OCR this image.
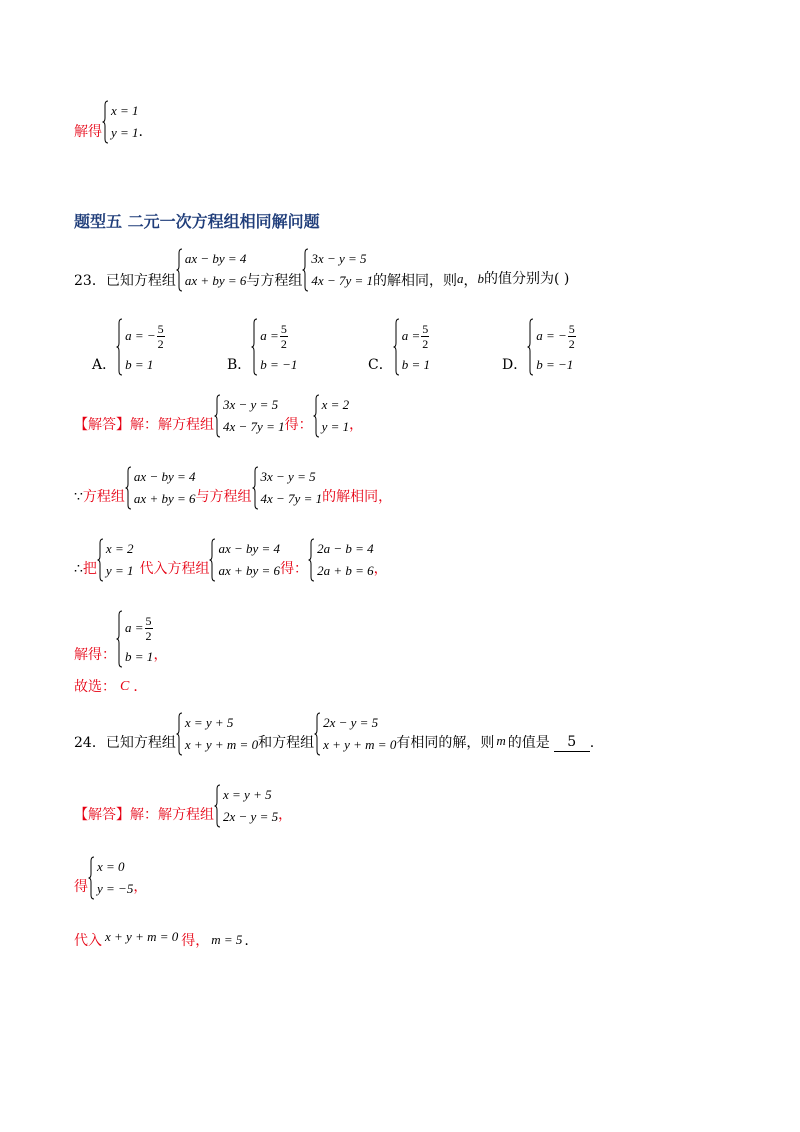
解得
x = 1
y = 1 .
题型五 二元一次方程组相同解问题
23．已知方程组
ax − by = 4
ax + by = 6 与方程组
3x − y = 5
4x − 7y = 1 的解相同，则 a ， b 的值分别为( )
A．
a = − $\frac{5}{2}$
b = 1	B．
$a = \frac{5}{2}$
b = −1	C．
$a = \frac{5}{2}$
b = 1	D．
a = − $\frac{5}{2}$
b = −1
【解答】解：解方程组
3x − y = 5
4x − 7y = 1 得：
x = 2
y = 1 ，
∵ 方程组
ax − by = 4
ax + by = 6 与方程组
3x − y = 5
4x − 7y = 1 的解相同，
∴ 把
x = 2
y = 1 代入方程组
ax − by = 4
ax + by = 6 得：
2a − b = 4
2a + b = 6 ，
解得：
$a = \frac{5}{2}$
b = 1 ，
故选： C ．
24．已知方程组
x = y + 5
x + y + m = 0 和方程组
2x − y = 5
x + y + m = 0 有相同的解，则 m 的值是	5 .
【解答】解：解方程组
x = y + 5
2x − y = 5 ，
得
x = 0
y = −5 ，
代入 x + y + m = 0 得， m = 5 .
